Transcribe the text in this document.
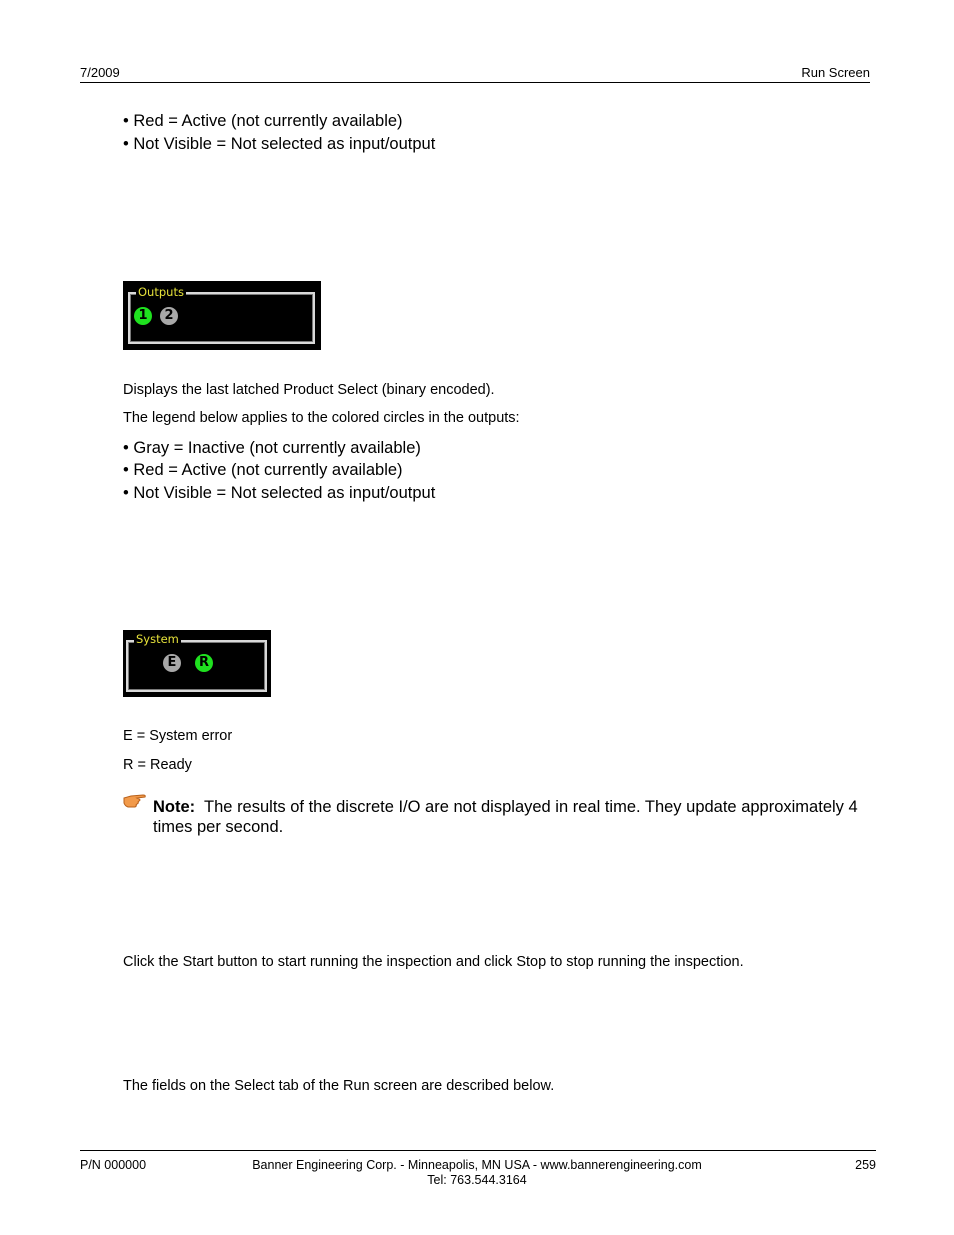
7/2009	Run Screen
• Red = Active (not currently available)
• Not Visible = Not selected as input/output
Outputs
1	2
Displays the last latched Product Select (binary encoded).
The legend below applies to the colored circles in the outputs:
• Gray = Inactive (not currently available)
• Red = Active (not currently available)
• Not Visible = Not selected as input/output
System
E	R
E = System error
R = Ready
Note: The results of the discrete I/O are not displayed in real time. They update approximately 4 times per second.
Click the Start button to start running the inspection and click Stop to stop running the inspection.
The fields on the Select tab of the Run screen are described below.
P/N 000000	Banner Engineering Corp. - Minneapolis, MN USA - www.bannerengineering.com
Tel: 763.544.3164
259
